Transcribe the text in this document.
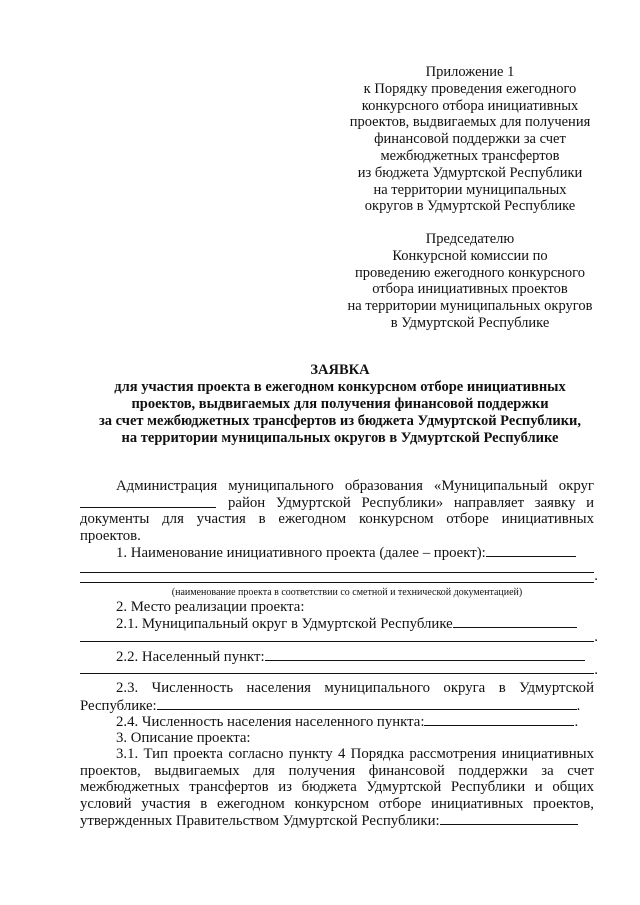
Приложение 1
к Порядку проведения ежегодного
конкурсного отбора инициативных
проектов, выдвигаемых для получения
финансовой поддержки за счет
межбюджетных трансфертов
из бюджета Удмуртской Республики
на территории муниципальных
округов в Удмуртской Республике
Председателю
Конкурсной комиссии по
проведению ежегодного конкурсного
отбора инициативных проектов
на территории муниципальных округов
в Удмуртской Республике
ЗАЯВКА
для участия проекта в ежегодном конкурсном отборе инициативных
проектов, выдвигаемых для получения финансовой поддержки
за счет межбюджетных трансфертов из бюджета Удмуртской Республики,
на территории муниципальных округов в Удмуртской Республике
Администрация муниципального образования «Муниципальный округ
район Удмуртской Республики» направляет заявку и
документы для участия в ежегодном конкурсном отборе инициативных
проектов.
1. Наименование инициативного проекта (далее – проект):
.
(наименование проекта в соответствии со сметной и технической документацией)
2. Место реализации проекта:
2.1. Муниципальный округ в Удмуртской Республике
.
2.2. Населенный пункт:
.
2.3. Численность населения муниципального округа в Удмуртской
Республике:	.
2.4. Численность населения населенного пункта:	.
3. Описание проекта:
3.1. Тип проекта согласно пункту 4 Порядка рассмотрения инициативных
проектов, выдвигаемых для получения финансовой поддержки за счет
межбюджетных трансфертов из бюджета Удмуртской Республики и общих
условий участия в ежегодном конкурсном отборе инициативных проектов,
утвержденных Правительством Удмуртской Республики:
